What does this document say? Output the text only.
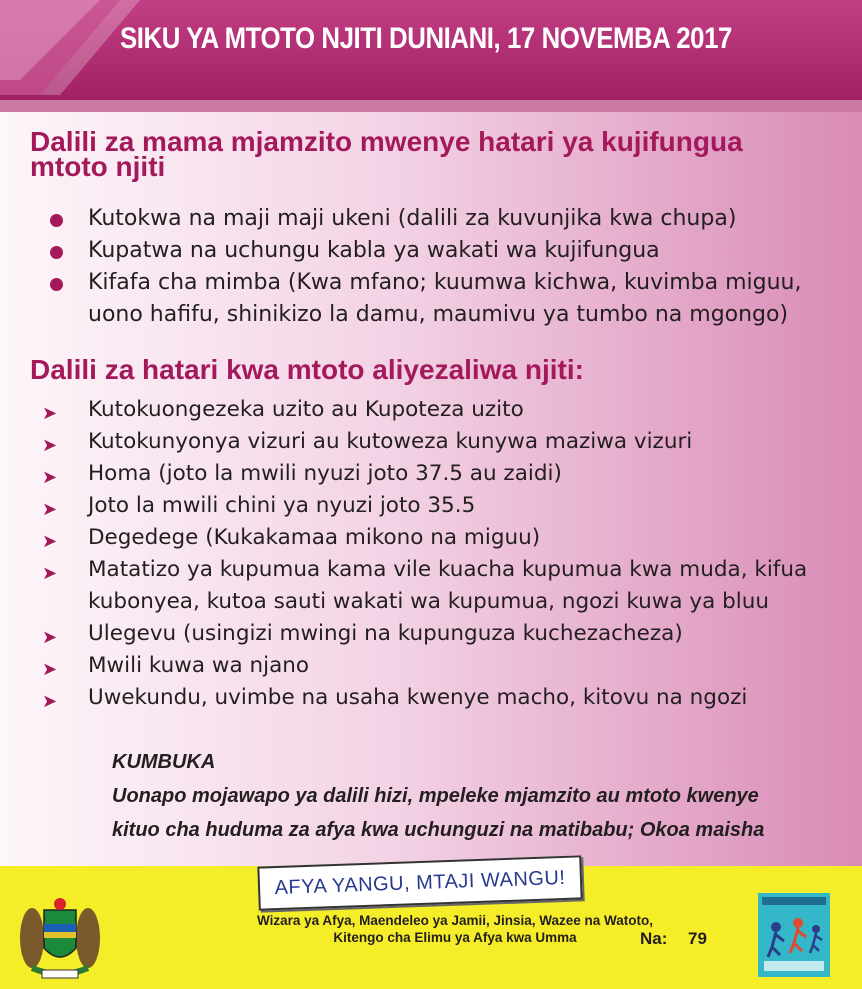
SIKU YA MTOTO NJITI DUNIANI, 17 NOVEMBA 2017
Dalili za mama mjamzito mwenye hatari ya kujifungua
mtoto njiti
Kutokwa na maji maji ukeni (dalili za kuvunjika kwa chupa)
Kupatwa na uchungu kabla ya wakati wa kujifungua
Kifafa cha mimba (Kwa mfano; kuumwa kichwa, kuvimba miguu, uono hafifu, shinikizo la damu, maumivu ya tumbo na mgongo)
Dalili za hatari kwa mtoto aliyezaliwa njiti:
➤ Kutokuongezeka uzito au Kupoteza uzito
➤ Kutokunyonya vizuri au kutoweza kunywa maziwa vizuri
➤ Homa (joto la mwili nyuzi joto 37.5 au zaidi)
➤ Joto la mwili chini ya nyuzi joto 35.5
➤ Degedege (Kukakamaa mikono na miguu)
➤ Matatizo ya kupumua kama vile kuacha kupumua kwa muda, kifua kubonyea, kutoa sauti wakati wa kupumua, ngozi kuwa ya bluu
➤ Ulegevu (usingizi mwingi na kupunguza kuchezacheza)
➤ Mwili kuwa wa njano
➤ Uwekundu, uvimbe na usaha kwenye macho, kitovu na ngozi
KUMBUKA
Uonapo mojawapo ya dalili hizi, mpeleke mjamzito au mtoto kwenye
kituo cha huduma za afya kwa uchunguzi na matibabu; Okoa maisha
AFYA YANGU, MTAJI WANGU!
Wizara ya Afya, Maendeleo ya Jamii, Jinsia, Wazee na Watoto,
Kitengo cha Elimu ya Afya kwa Umma	Na: 79
